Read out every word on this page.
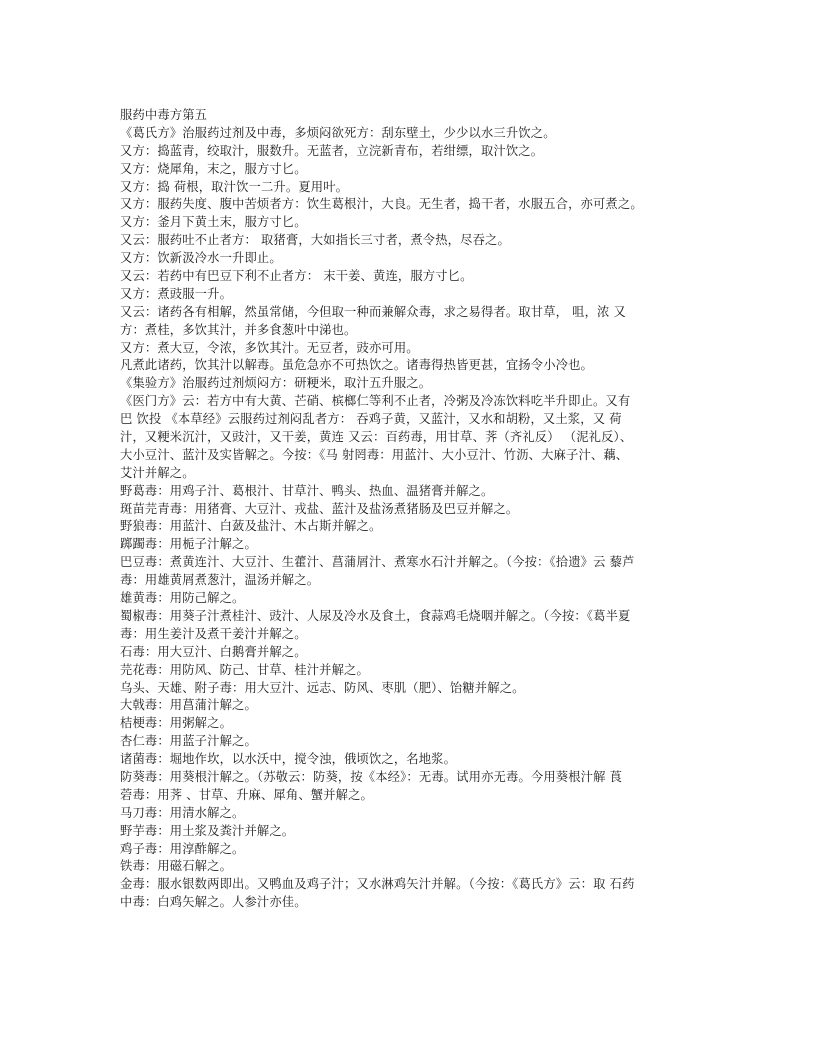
服药中毒方第五
《葛氏方》治服药过剂及中毒，多烦闷欲死方：刮东壁土，少少以水三升饮之。
又方：捣蓝青，绞取汁，服数升。无蓝者，立浣新青布，若绀缥，取汁饮之。
又方：烧犀角，末之，服方寸匕。
又方：捣 荷根，取汁饮一二升。夏用叶。
又方：服药失度、腹中苦烦者方：饮生葛根汁，大良。无生者，捣干者，水服五合，亦可煮之。
又方：釜月下黄土末，服方寸匕。
又云：服药吐不止者方： 取猪膏，大如指长三寸者，煮令热，尽吞之。
又方：饮新汲冷水一升即止。
又云：若药中有巴豆下利不止者方： 末干姜、黄连，服方寸匕。
又方：煮豉服一升。
又云：诸药各有相解，然虽常储，今但取一种而兼解众毒，求之易得者。取甘草， 咀，浓 又
方：煮桂，多饮其汁，并多食葱叶中涕也。
又方：煮大豆，令浓，多饮其汁。无豆者，豉亦可用。
凡煮此诸药，饮其汁以解毒。虽危急亦不可热饮之。诸毒得热皆更甚，宜扬令小冷也。
《集验方》治服药过剂烦闷方：研粳米，取汁五升服之。
《医门方》云：若方中有大黄、芒硝、槟榔仁等利不止者，冷粥及冷冻饮料吃半升即止。又有
巴 饮投 《本草经》云服药过剂闷乱者方： 吞鸡子黄，又蓝汁，又水和胡粉，又土浆，又 荷
汁，又粳米沉汁，又豉汁，又干姜，黄连 又云：百药毒，用甘草、荠（齐礼反） （泥礼反）、
大小豆汁、蓝汁及实皆解之。今按：《马 射罔毒：用蓝汁、大小豆汁、竹沥、大麻子汁、藕、
艾汁并解之。
野葛毒：用鸡子汁、葛根汁、甘草汁、鸭头、热血、温猪膏并解之。
斑苗芫青毒：用猪膏、大豆汁、戎盐、蓝汁及盐汤煮猪肠及巴豆并解之。
野狼毒：用蓝汁、白蔹及盐汁、木占斯并解之。
踯躅毒：用栀子汁解之。
巴豆毒：煮黄连汁、大豆汁、生藿汁、菖蒲屑汁、煮寒水石汁并解之。（今按：《拾遗》云 藜芦
毒：用雄黄屑煮葱汁，温汤并解之。
雄黄毒：用防己解之。
蜀椒毒：用葵子汁煮桂汁、豉汁、人尿及冷水及食土，食蒜鸡毛烧咽并解之。（今按：《葛半夏
毒：用生姜汁及煮干姜汁并解之。
石毒：用大豆汁、白鹅膏并解之。
芫花毒：用防风、防己、甘草、桂汁并解之。
乌头、天雄、附子毒：用大豆汁、远志、防风、枣肌（肥）、饴糖并解之。
大戟毒：用菖蒲汁解之。
桔梗毒：用粥解之。
杏仁毒：用蓝子汁解之。
诸菌毒：堀地作坎，以水沃中，搅令浊，俄顷饮之，名地浆。
防葵毒：用葵根汁解之。（苏敬云：防葵，按《本经》：无毒。试用亦无毒。今用葵根汁解 莨
菪毒：用荠 、甘草、升麻、犀角、蟹并解之。
马刀毒：用清水解之。
野芋毒：用土浆及粪汁并解之。
鸡子毒：用淳酢解之。
铁毒：用磁石解之。
金毒：服水银数两即出。又鸭血及鸡子汁；又水淋鸡矢汁并解。（今按：《葛氏方》云：取 石药
中毒：白鸡矢解之。人参汁亦佳。
